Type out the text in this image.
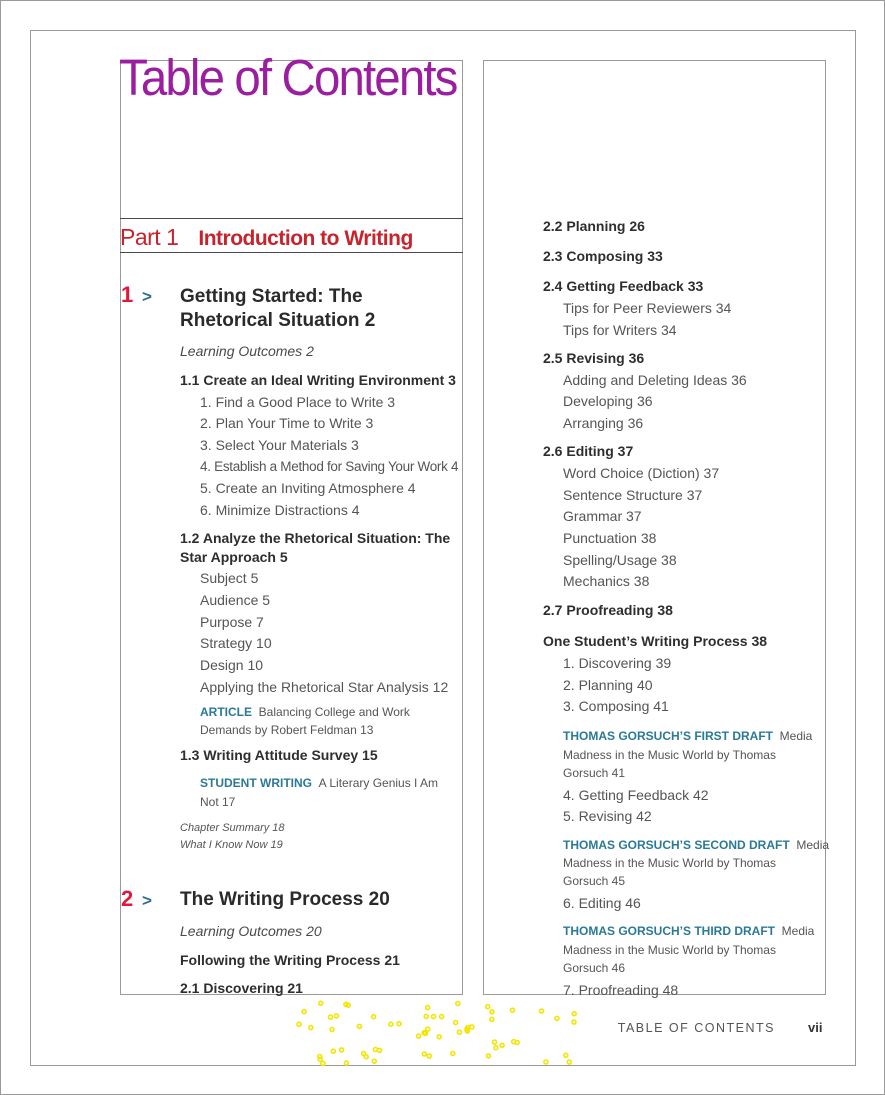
Table of Contents
Part 1 Introduction to Writing
1 > Getting Started: The
Rhetorical Situation 2
Learning Outcomes 2
1.1 Create an Ideal Writing Environment 3
1. Find a Good Place to Write 3
2. Plan Your Time to Write 3
3. Select Your Materials 3
4. Establish a Method for Saving Your Work 4
5. Create an Inviting Atmosphere 4
6. Minimize Distractions 4
1.2 Analyze the Rhetorical Situation: The
Star Approach 5
Subject 5
Audience 5
Purpose 7
Strategy 10
Design 10
Applying the Rhetorical Star Analysis 12
ARTICLE Balancing College and Work
Demands by Robert Feldman 13
1.3 Writing Attitude Survey 15
STUDENT WRITING A Literary Genius I Am
Not 17
Chapter Summary 18
What I Know Now 19
2 > The Writing Process 20
Learning Outcomes 20
Following the Writing Process 21
2.1 Discovering 21
2.2 Planning 26
2.3 Composing 33
2.4 Getting Feedback 33
Tips for Peer Reviewers 34
Tips for Writers 34
2.5 Revising 36
Adding and Deleting Ideas 36
Developing 36
Arranging 36
2.6 Editing 37
Word Choice (Diction) 37
Sentence Structure 37
Grammar 37
Punctuation 38
Spelling/Usage 38
Mechanics 38
2.7 Proofreading 38
One Student’s Writing Process 38
1. Discovering 39
2. Planning 40
3. Composing 41
THOMAS GORSUCH’S FIRST DRAFT Media
Madness in the Music World by Thomas
Gorsuch 41
4. Getting Feedback 42
5. Revising 42
THOMAS GORSUCH’S SECOND DRAFT Media
Madness in the Music World by Thomas
Gorsuch 45
6. Editing 46
THOMAS GORSUCH’S THIRD DRAFT Media
Madness in the Music World by Thomas
Gorsuch 46
7. Proofreading 48
TABLE OF CONTENTS	vii
